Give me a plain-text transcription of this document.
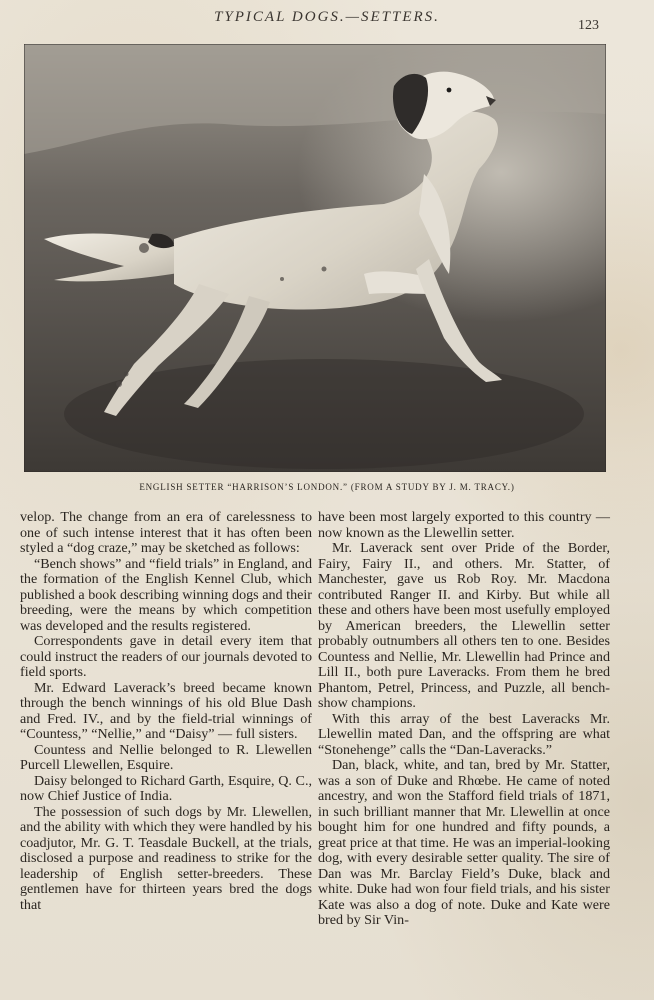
TYPICAL DOGS.—SETTERS.
123
ENGLISH SETTER “HARRISON’S LONDON.” (FROM A STUDY BY J. M. TRACY.)

velop. The change from an era of carelessness to one of such intense interest that it has often been styled a “dog craze,” may be sketched as follows:

“Bench shows” and “field trials” in England, and the formation of the English Kennel Club, which published a book describing winning dogs and their breeding, were the means by which competition was developed and the results registered.

Correspondents gave in detail every item that could instruct the readers of our journals devoted to field sports.

Mr. Edward Laverack’s breed became known through the bench winnings of his old Blue Dash and Fred. IV., and by the field-trial winnings of “Countess,” “Nellie,” and “Daisy” — full sisters.

Countess and Nellie belonged to R. Llewellen Purcell Llewellen, Esquire.

Daisy belonged to Richard Garth, Esquire, Q. C., now Chief Justice of India.

The possession of such dogs by Mr. Llewellen, and the ability with which they were handled by his coadjutor, Mr. G. T. Teasdale Buckell, at the trials, disclosed a purpose and readiness to strike for the leadership of English setter-breeders. These gentlemen have for thirteen years bred the dogs that

have been most largely exported to this country — now known as the Llewellin setter.

Mr. Laverack sent over Pride of the Border, Fairy, Fairy II., and others. Mr. Statter, of Manchester, gave us Rob Roy. Mr. Macdona contributed Ranger II. and Kirby. But while all these and others have been most usefully employed by American breeders, the Llewellin setter probably outnumbers all others ten to one. Besides Countess and Nellie, Mr. Llewellin had Prince and Lill II., both pure Laveracks. From them he bred Phantom, Petrel, Princess, and Puzzle, all bench-show champions.

With this array of the best Laveracks Mr. Llewellin mated Dan, and the offspring are what “Stonehenge” calls the “Dan-Laveracks.”

Dan, black, white, and tan, bred by Mr. Statter, was a son of Duke and Rhœbe. He came of noted ancestry, and won the Stafford field trials of 1871, in such brilliant manner that Mr. Llewellin at once bought him for one hundred and fifty pounds, a great price at that time. He was an imperial-looking dog, with every desirable setter quality. The sire of Dan was Mr. Barclay Field’s Duke, black and white. Duke had won four field trials, and his sister Kate was also a dog of note. Duke and Kate were bred by Sir Vin-
